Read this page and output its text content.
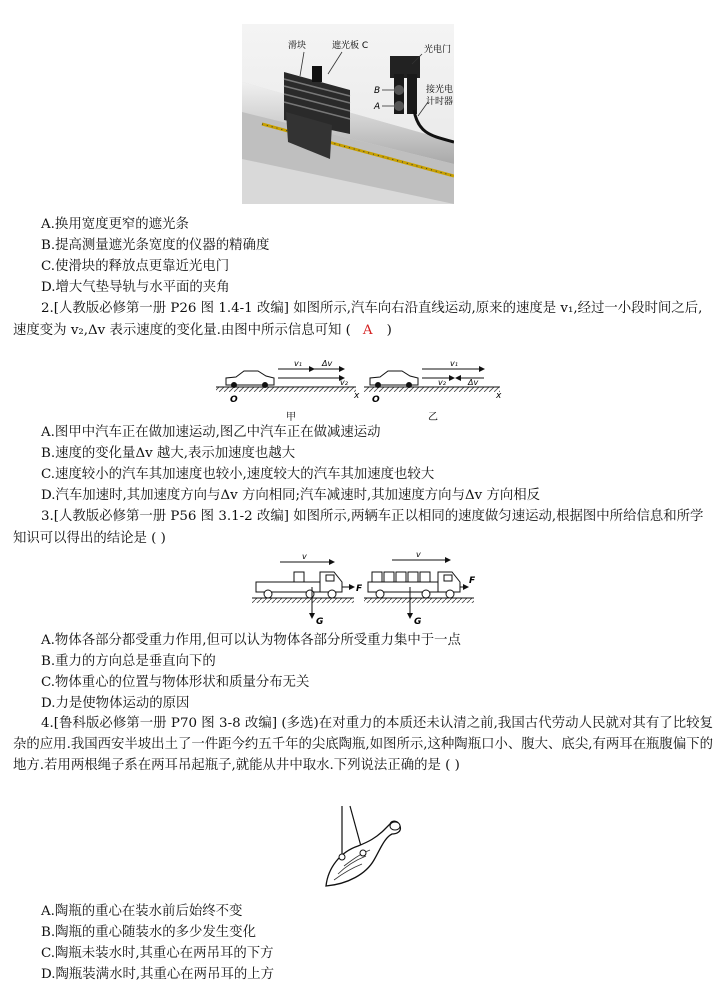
滑块	遮光板 C	光电门
B
A
接光电
计时器
A.换用宽度更窄的遮光条
B.提高测量遮光条宽度的仪器的精确度
C.使滑块的释放点更靠近光电门
D.增大气垫导轨与水平面的夹角
2.[人教版必修第一册 P26 图 1.4-1 改编] 如图所示,汽车向右沿直线运动,原来的速度是 v₁,经过一小段时间之后,
速度变为 v₂,Δv 表示速度的变化量.由图中所示信息可知 ( A )
v₁	Δv
v₂
v₁
v₂	Δv
O	x O	x
甲	乙
A.图甲中汽车正在做加速运动,图乙中汽车正在做减速运动
B.速度的变化量Δv 越大,表示加速度也越大
C.速度较小的汽车其加速度也较小,速度较大的汽车其加速度也较大
D.汽车加速时,其加速度方向与Δv 方向相同;汽车减速时,其加速度方向与Δv 方向相反
3.[人教版必修第一册 P56 图 3.1-2 改编] 如图所示,两辆车正以相同的速度做匀速运动,根据图中所给信息和所学
知识可以得出的结论是 ( )
v	v
F
F
G	G
A.物体各部分都受重力作用,但可以认为物体各部分所受重力集中于一点
B.重力的方向总是垂直向下的
C.物体重心的位置与物体形状和质量分布无关
D.力是使物体运动的原因
4.[鲁科版必修第一册 P70 图 3-8 改编] (多选)在对重力的本质还未认清之前,我国古代劳动人民就对其有了比较复杂的应用.我国西安半坡出土了一件距今约五千年的尖底陶瓶,如图所示,这种陶瓶口小、腹大、底尖,有两耳在瓶腹偏下的地方.若用两根绳子系在两耳吊起瓶子,就能从井中取水.下列说法正确的是 ( )
A.陶瓶的重心在装水前后始终不变
B.陶瓶的重心随装水的多少发生变化
C.陶瓶未装水时,其重心在两吊耳的下方
D.陶瓶装满水时,其重心在两吊耳的上方
